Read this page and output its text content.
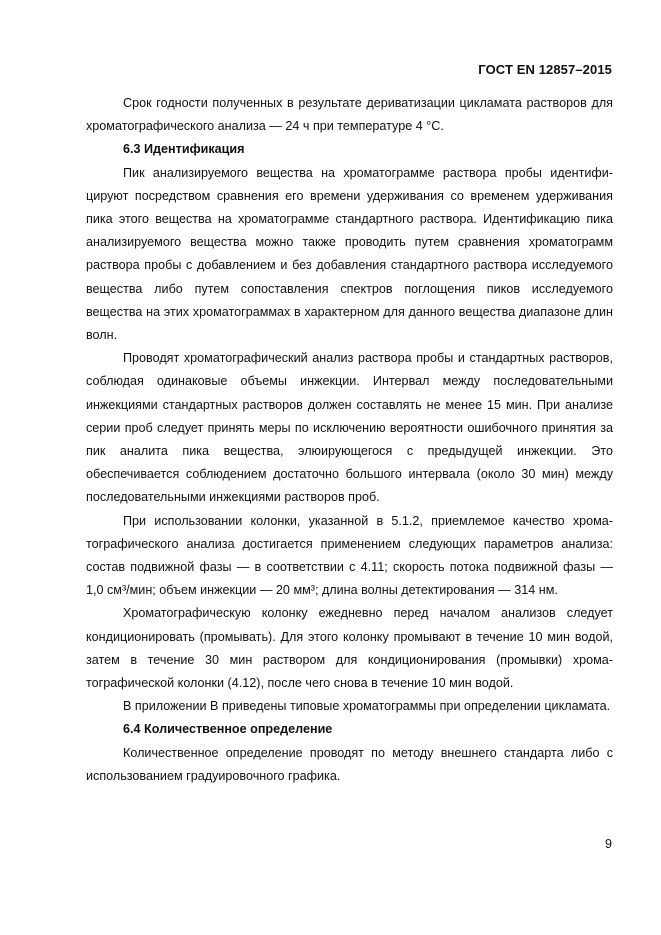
ГОСТ EN 12857–2015

Срок годности полученных в результате дериватизации цикламата растворов для хроматографического анализа — 24 ч при температуре 4 °С.

6.3 Идентификация

Пик анализируемого вещества на хроматограмме раствора пробы идентифицируют посредством сравнения его времени удерживания со временем удерживания пика этого вещества на хроматограмме стандартного раствора. Идентификацию пика анализируемого вещества можно также проводить путем сравнения хроматограмм раствора пробы с добавлением и без добавления стандартного раствора исследуемого вещества либо путем сопоставления спектров поглощения пиков исследуемого вещества на этих хроматограммах в характерном для данного вещества диапазоне длин волн.

Проводят хроматографический анализ раствора пробы и стандартных растворов, соблюдая одинаковые объемы инжекции. Интервал между последовательными инжекциями стандартных растворов должен составлять не менее 15 мин. При анализе серии проб следует принять меры по исключению вероятности ошибочного принятия за пик аналита пика вещества, элюирующегося с предыдущей инжекции. Это обеспечивается соблюдением достаточно большого интервала (около 30 мин) между последовательными инжекциями растворов проб.

При использовании колонки, указанной в 5.1.2, приемлемое качество хроматографического анализа достигается применением следующих параметров анализа: состав подвижной фазы — в соответствии с 4.11; скорость потока подвижной фазы — 1,0 см³/мин; объем инжекции — 20 мм³; длина волны детектирования — 314 нм.

Хроматографическую колонку ежедневно перед началом анализов следует кондиционировать (промывать). Для этого колонку промывают в течение 10 мин водой, затем в течение 30 мин раствором для кондиционирования (промывки) хроматографической колонки (4.12), после чего снова в течение 10 мин водой.

В приложении В приведены типовые хроматограммы при определении цикламата.

6.4 Количественное определение

Количественное определение проводят по методу внешнего стандарта либо с использованием градуировочного графика.

9
